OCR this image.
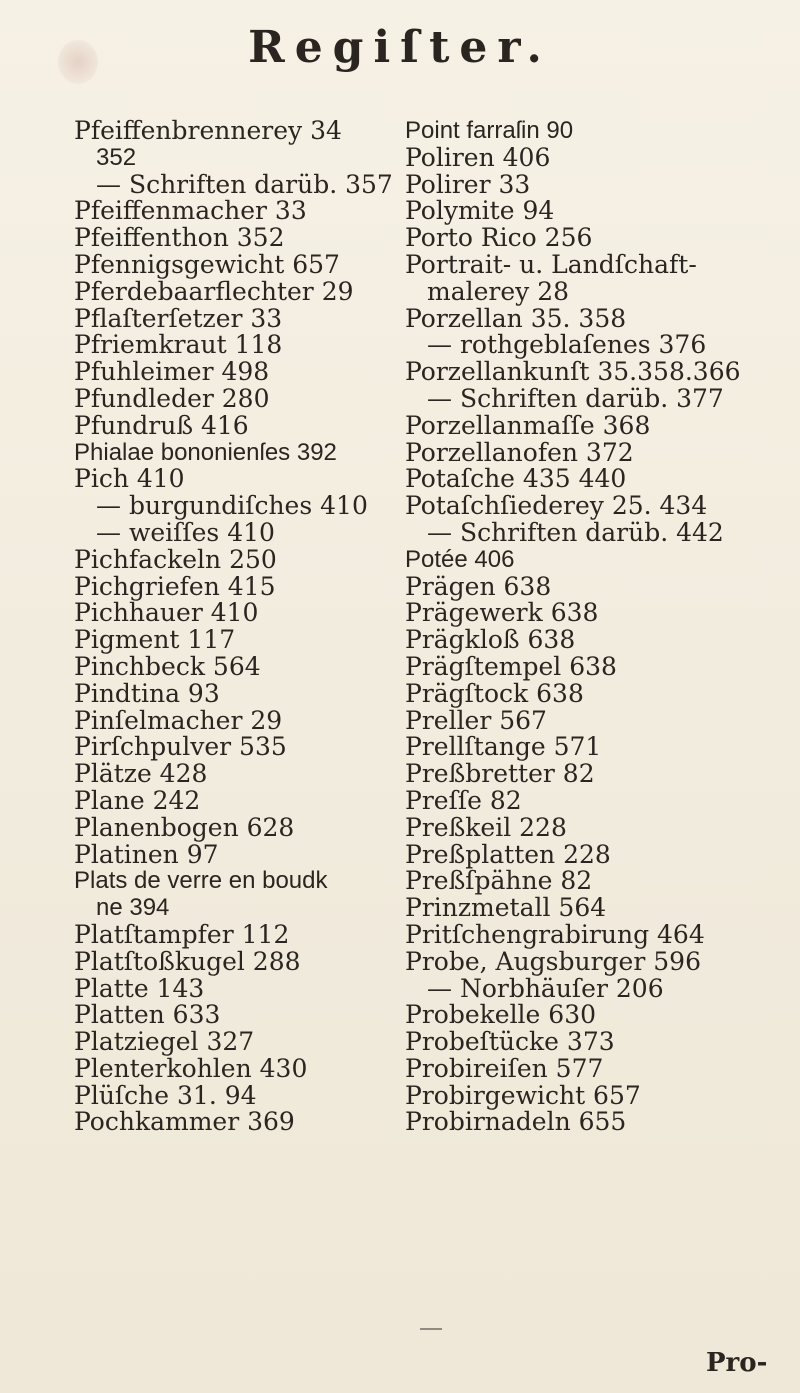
Regiſter.
Pfeiffenbrennerey 34
352
— Schriften darüb. 357
Pfeiffenmacher 33
Pfeiffenthon 352
Pfennigsgewicht 657
Pferdebaarflechter 29
Pflaſterſetzer 33
Pfriemkraut 118
Pfuhleimer 498
Pfundleder 280
Pfundruß 416
Phialae bononienſes 392
Pich 410
— burgundiſches 410
— weiſſes 410
Pichfackeln 250
Pichgriefen 415
Pichhauer 410
Pigment 117
Pinchbeck 564
Pindtina 93
Pinſelmacher 29
Pirſchpulver 535
Plätze 428
Plane 242
Planenbogen 628
Platinen 97
Plats de verre en boudk
ne 394
Platſtampfer 112
Platſtoßkugel 288
Platte 143
Platten 633
Platziegel 327
Plenterkohlen 430
Plüſche 31. 94
Pochkammer 369
Point farraſin 90
Poliren 406
Polirer 33
Polymite 94
Porto Rico 256
Portrait- u. Landſchaft-
malerey 28
Porzellan 35. 358
— rothgeblaſenes 376
Porzellankunſt 35.358.366
— Schriften darüb. 377
Porzellanmaſſe 368
Porzellanofen 372
Potaſche 435 440
Potaſchſiederey 25. 434
— Schriften darüb. 442
Potée 406
Prägen 638
Prägewerk 638
Prägkloß 638
Prägſtempel 638
Prägſtock 638
Preller 567
Prellſtange 571
Preßbretter 82
Preſſe 82
Preßkeil 228
Preßplatten 228
Preßſpähne 82
Prinzmetall 564
Pritſchengrabirung 464
Probe, Augsburger 596
— Norbhäuſer 206
Probekelle 630
Probeſtücke 373
Probireiſen 577
Probirgewicht 657
Probirnadeln 655
Pro-
